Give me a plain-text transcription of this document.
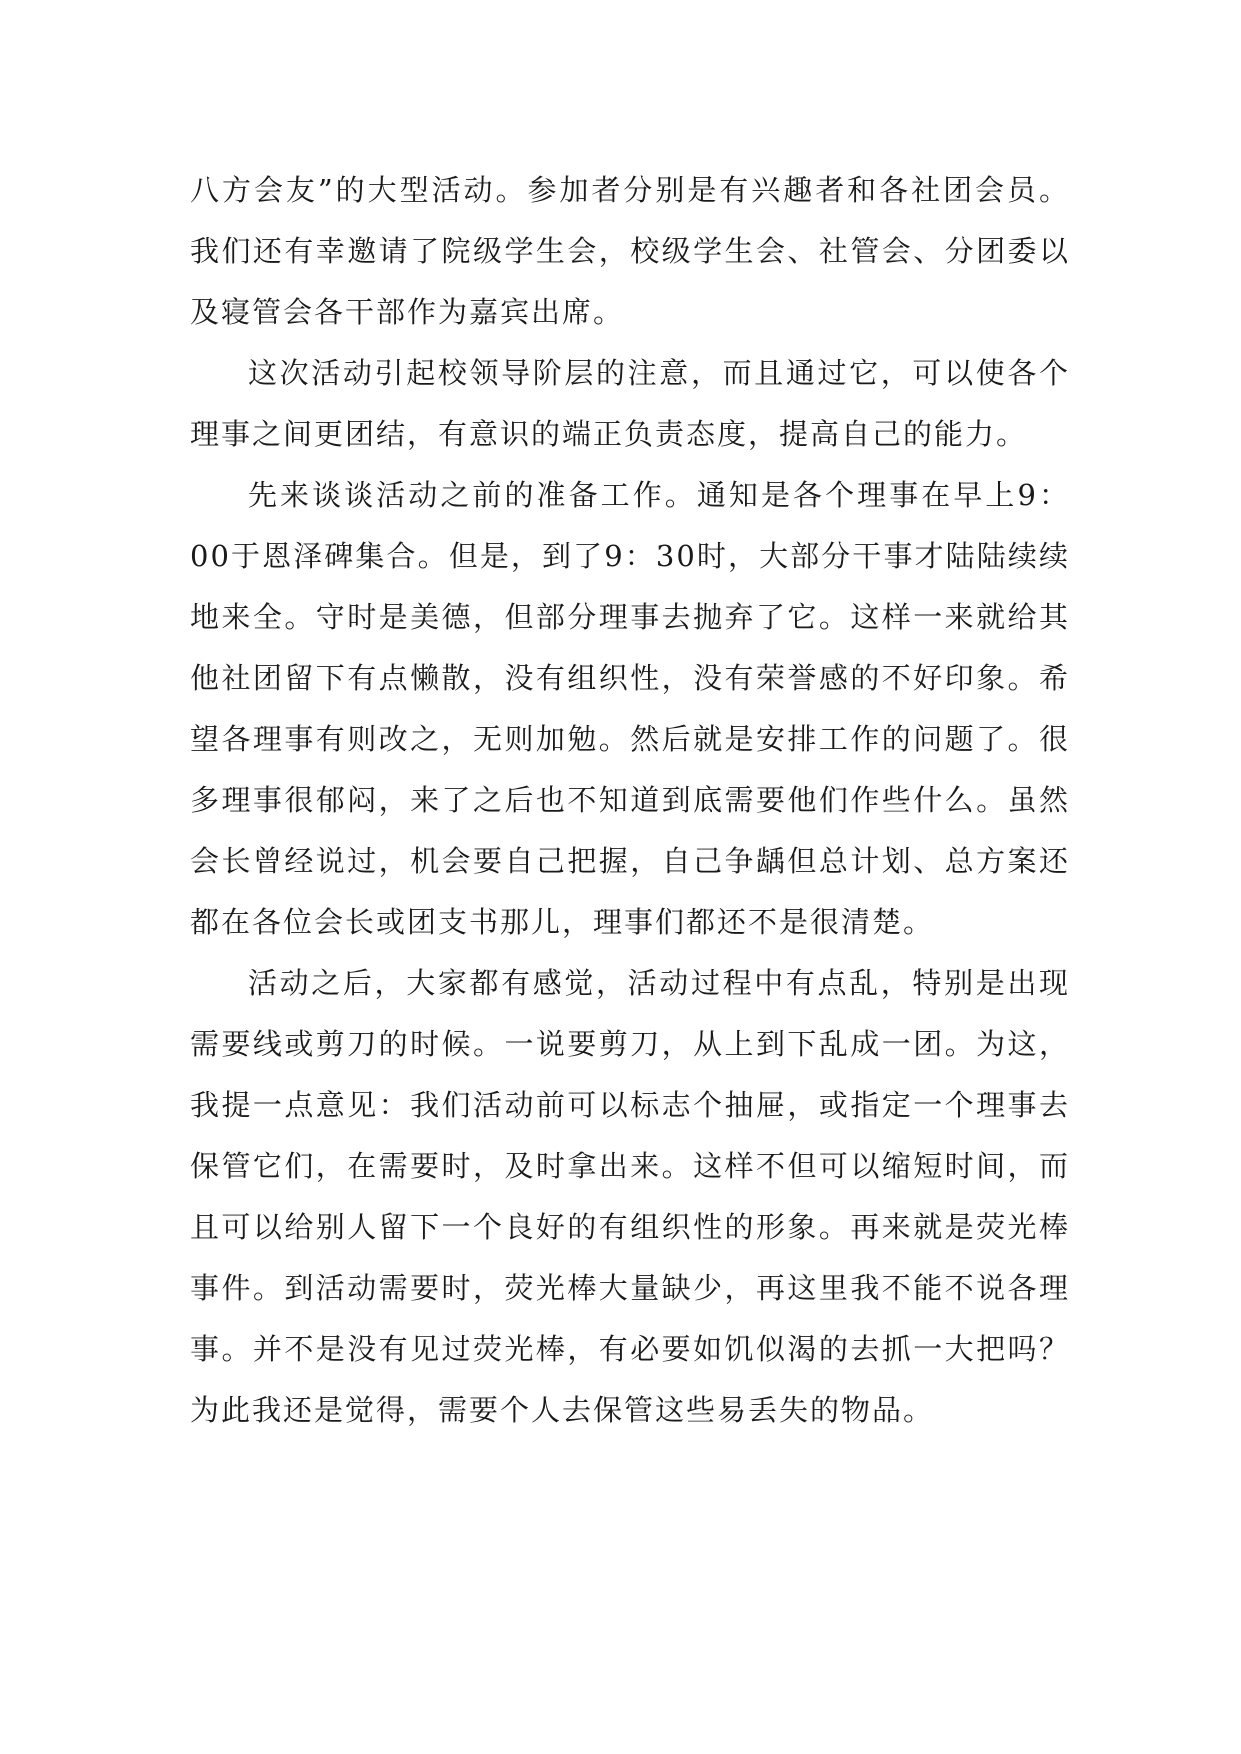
八方会友”的大型活动。参加者分别是有兴趣者和各社团会员。我们还有幸邀请了院级学生会，校级学生会、社管会、分团委以及寝管会各干部作为嘉宾出席。

这次活动引起校领导阶层的注意，而且通过它，可以使各个理事之间更团结，有意识的端正负责态度，提高自己的能力。

先来谈谈活动之前的准备工作。通知是各个理事在早上9：00于恩泽碑集合。但是，到了9：30时，大部分干事才陆陆续续地来全。守时是美德，但部分理事去抛弃了它。这样一来就给其他社团留下有点懒散，没有组织性，没有荣誉感的不好印象。希望各理事有则改之，无则加勉。然后就是安排工作的问题了。很多理事很郁闷，来了之后也不知道到底需要他们作些什么。虽然会长曾经说过，机会要自己把握，自己争龋但总计划、总方案还都在各位会长或团支书那儿，理事们都还不是很清楚。

活动之后，大家都有感觉，活动过程中有点乱，特别是出现需要线或剪刀的时候。一说要剪刀，从上到下乱成一团。为这，我提一点意见：我们活动前可以标志个抽屉，或指定一个理事去保管它们，在需要时，及时拿出来。这样不但可以缩短时间，而且可以给别人留下一个良好的有组织性的形象。再来就是荧光棒事件。到活动需要时，荧光棒大量缺少，再这里我不能不说各理事。并不是没有见过荧光棒，有必要如饥似渴的去抓一大把吗？为此我还是觉得，需要个人去保管这些易丢失的物品。
